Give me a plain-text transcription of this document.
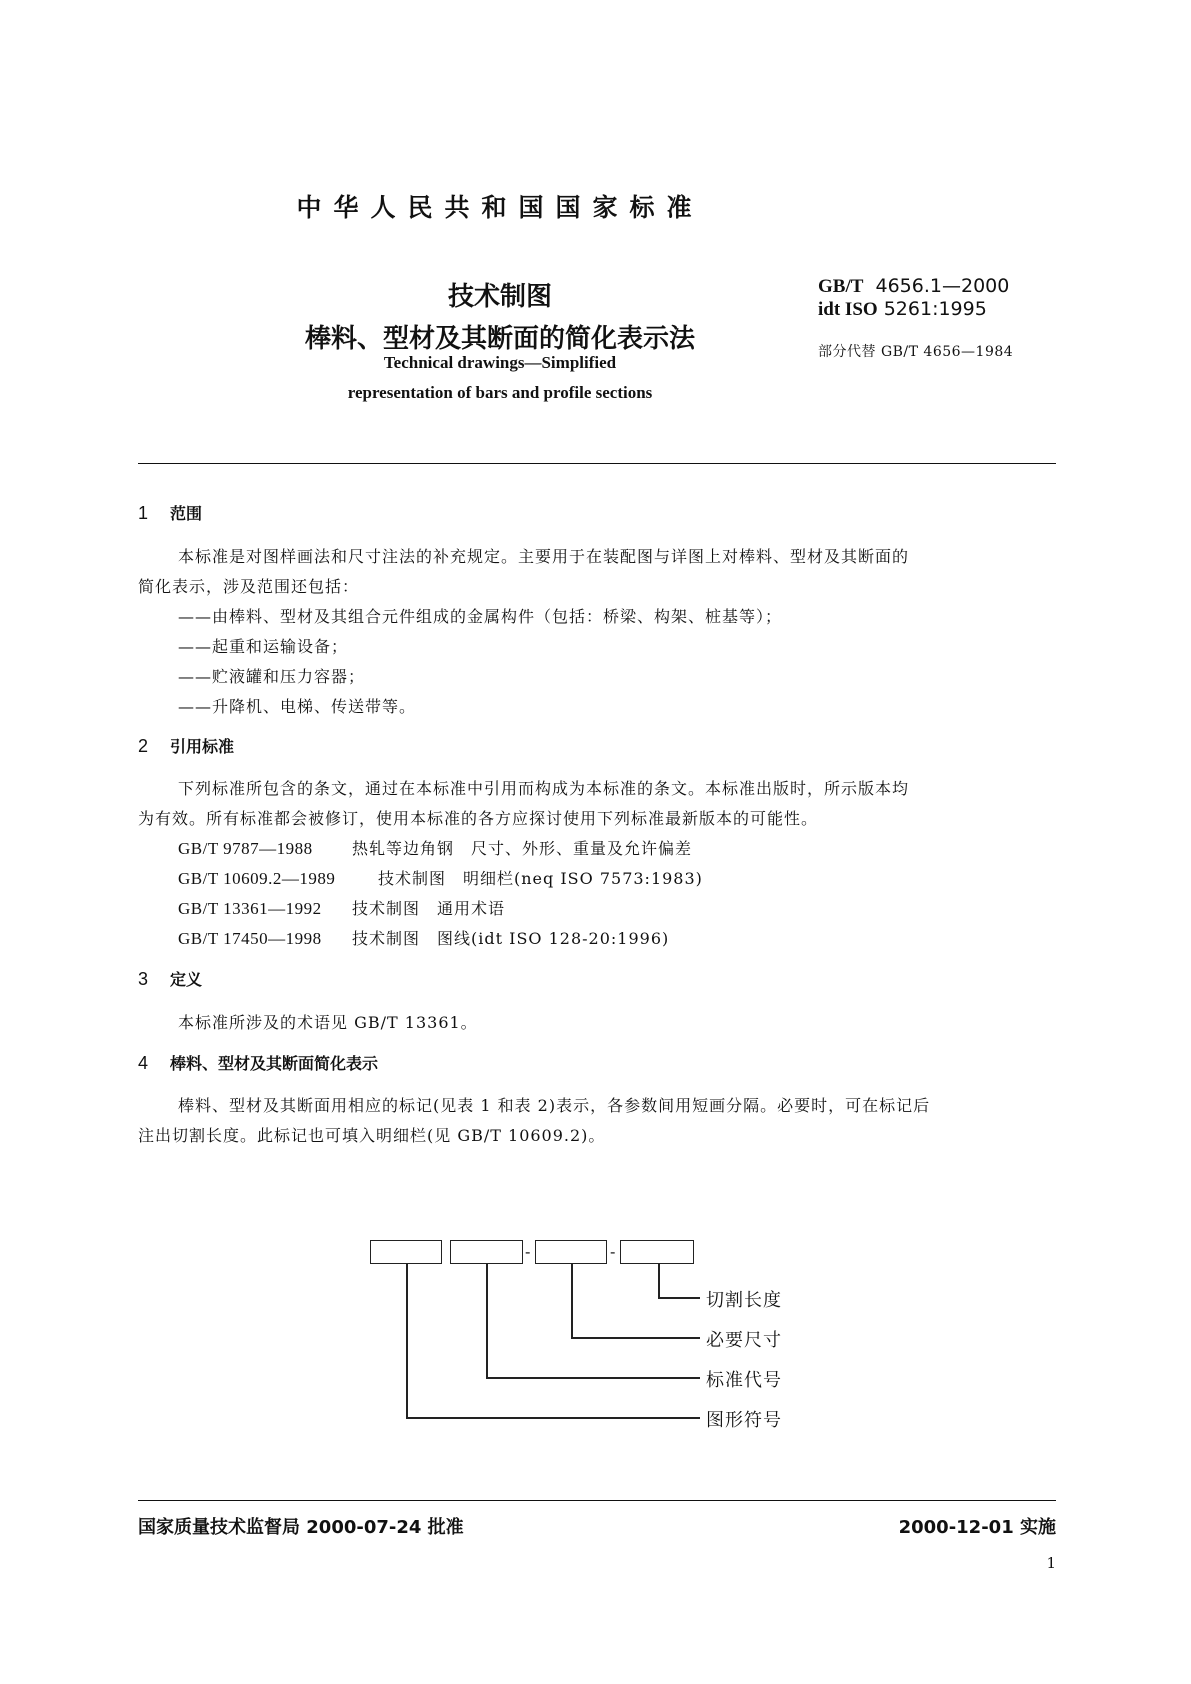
中华人民共和国国家标准
技术制图
棒料、型材及其断面的简化表示法
GB/T 4656.1—2000
idt ISO 5261:1995
部分代替 GB/T 4656—1984
Technical drawings—Simplified
representation of bars and profile sections
1 范围
本标准是对图样画法和尺寸注法的补充规定。主要用于在装配图与详图上对棒料、型材及其断面的
简化表示，涉及范围还包括：
——由棒料、型材及其组合元件组成的金属构件（包括：桥梁、构架、桩基等）；
——起重和运输设备；
——贮液罐和压力容器；
——升降机、电梯、传送带等。
2 引用标准
下列标准所包含的条文，通过在本标准中引用而构成为本标准的条文。本标准出版时，所示版本均
为有效。所有标准都会被修订，使用本标准的各方应探讨使用下列标准最新版本的可能性。
GB/T 9787—1988 热轧等边角钢　尺寸、外形、重量及允许偏差
GB/T 10609.2—1989	技术制图　明细栏(neq ISO 7573:1983)
GB/T 13361—1992 技术制图　通用术语
GB/T 17450—1998 技术制图　图线(idt ISO 128-20:1996)
3 定义
本标准所涉及的术语见 GB/T 13361。
4 棒料、型材及其断面简化表示
棒料、型材及其断面用相应的标记(见表 1 和表 2)表示，各参数间用短画分隔。必要时，可在标记后
注出切割长度。此标记也可填入明细栏(见 GB/T 10609.2)。
-	-
切割长度
必要尺寸
标准代号
图形符号
国家质量技术监督局 2000-07-24 批准	2000-12-01 实施
1
